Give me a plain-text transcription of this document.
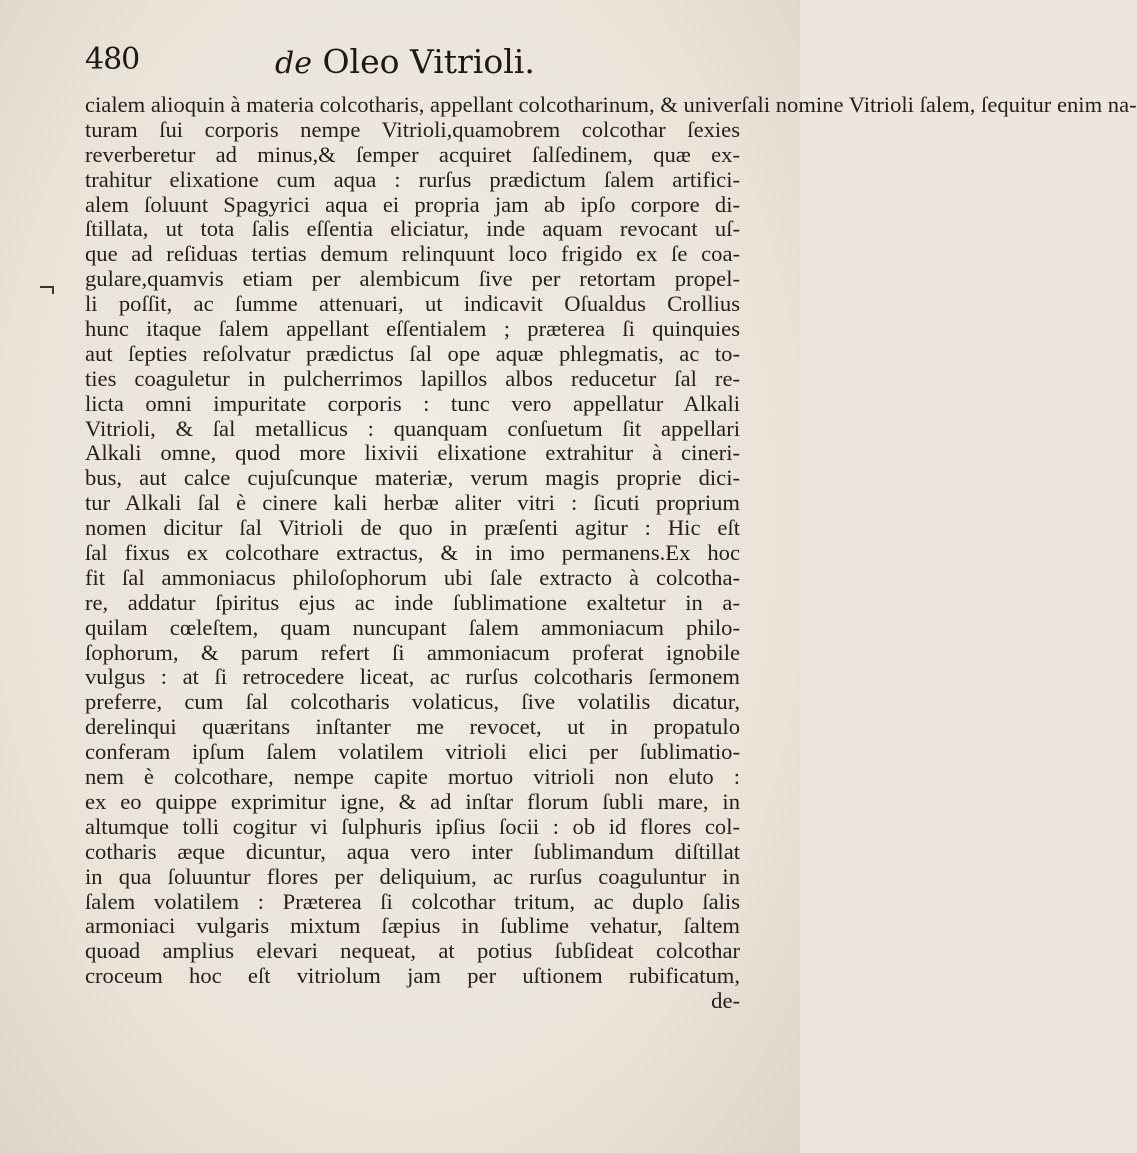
480	de Oleo Vitrioli.
cialem alioquin à materia colcotharis, appellant colcotharinum, & univerſali nomine Vitrioli ſalem, ſequitur enim na-
turam ſui corporis nempe Vitrioli,quamobrem colcothar ſexies
reverberetur ad minus,& ſemper acquiret ſalſedinem, quæ ex-
trahitur elixatione cum aqua : rurſus prædictum ſalem artifici-
alem ſoluunt Spagyrici aqua ei propria jam ab ipſo corpore di-
ſtillata, ut tota ſalis eſſentia eliciatur, inde aquam revocant uſ-
que ad reſiduas tertias demum relinquunt loco frigido ex ſe coa-
gulare,quamvis etiam per alembicum ſive per retortam propel-
li poſſit, ac ſumme attenuari, ut indicavit Oſualdus Crollius
hunc itaque ſalem appellant eſſentialem ; præterea ſi quinquies
aut ſepties reſolvatur prædictus ſal ope aquæ phlegmatis, ac to-
ties coaguletur in pulcherrimos lapillos albos reducetur ſal re-
licta omni impuritate corporis : tunc vero appellatur Alkali
Vitrioli, & ſal metallicus : quanquam conſuetum ſit appellari
Alkali omne, quod more lixivii elixatione extrahitur à cineri-
bus, aut calce cujuſcunque materiæ, verum magis proprie dici-
tur Alkali ſal è cinere kali herbæ aliter vitri : ſicuti proprium
nomen dicitur ſal Vitrioli de quo in præſenti agitur : Hic eſt
ſal fixus ex colcothare extractus, & in imo permanens.Ex hoc
fit ſal ammoniacus philoſophorum ubi ſale extracto à colcotha-
re, addatur ſpiritus ejus ac inde ſublimatione exaltetur in a-
quilam cœleſtem, quam nuncupant ſalem ammoniacum philo-
ſophorum, & parum refert ſi ammoniacum proferat ignobile
vulgus : at ſi retrocedere liceat, ac rurſus colcotharis ſermonem
preferre, cum ſal colcotharis volaticus, ſive volatilis dicatur,
derelinqui quæritans inſtanter me revocet, ut in propatulo
conferam ipſum ſalem volatilem vitrioli elici per ſublimatio-
nem è colcothare, nempe capite mortuo vitrioli non eluto :
ex eo quippe exprimitur igne, & ad inſtar florum ſubli mare, in
altumque tolli cogitur vi ſulphuris ipſius ſocii : ob id flores col-
cotharis æque dicuntur, aqua vero inter ſublimandum diſtillat
in qua ſoluuntur flores per deliquium, ac rurſus coaguluntur in
ſalem volatilem : Præterea ſi colcothar tritum, ac duplo ſalis
armoniaci vulgaris mixtum ſæpius in ſublime vehatur, ſaltem
quoad amplius elevari nequeat, at potius ſubſideat colcothar
croceum hoc eſt vitriolum jam per uſtionem rubificatum,
de-
